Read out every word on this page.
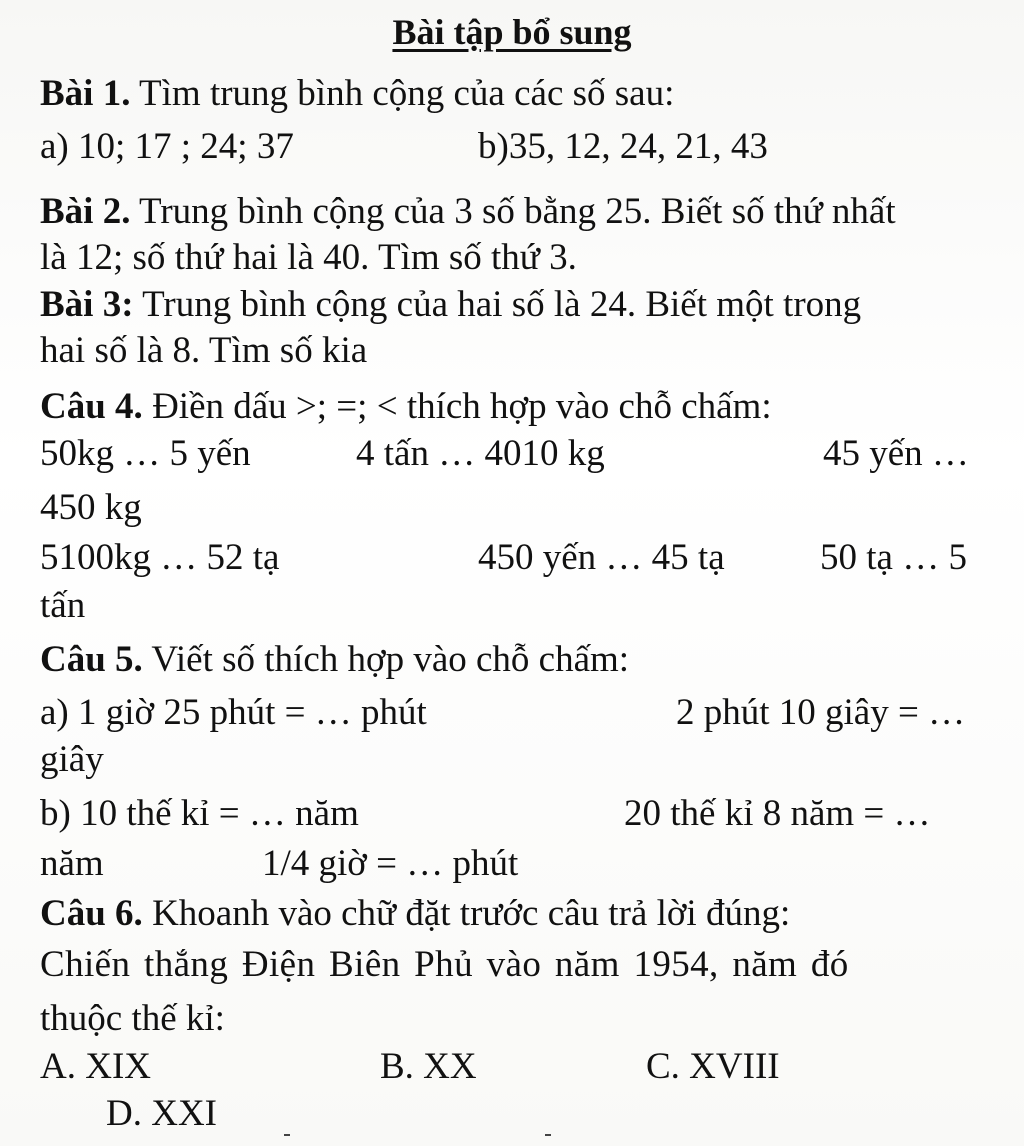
Bài tập bổ sung
Bài 1. Tìm trung bình cộng của các số sau:
a) 10; 17 ; 24; 37	b)35, 12, 24, 21, 43
Bài 2. Trung bình cộng của 3 số bằng 25. Biết số thứ nhất
là 12; số thứ hai là 40. Tìm số thứ 3.
Bài 3: Trung bình cộng của hai số là 24. Biết một trong
hai số là 8. Tìm số kia
Câu 4. Điền dấu >; =; < thích hợp vào chỗ chấm:
50kg … 5 yến	4 tấn … 4010 kg	45 yến …
450 kg
5100kg … 52 tạ	450 yến … 45 tạ	50 tạ … 5
tấn
Câu 5. Viết số thích hợp vào chỗ chấm:
a) 1 giờ 25 phút = … phút	2 phút 10 giây = …
giây
b) 10 thế kỉ = … năm	20 thế kỉ 8 năm = …
năm	1/4 giờ = … phút
Câu 6. Khoanh vào chữ đặt trước câu trả lời đúng:
Chiến thắng Điện Biên Phủ vào năm 1954, năm đó
thuộc thế kỉ:
A. XIX	B. XX	C. XVIII
D. XXI
